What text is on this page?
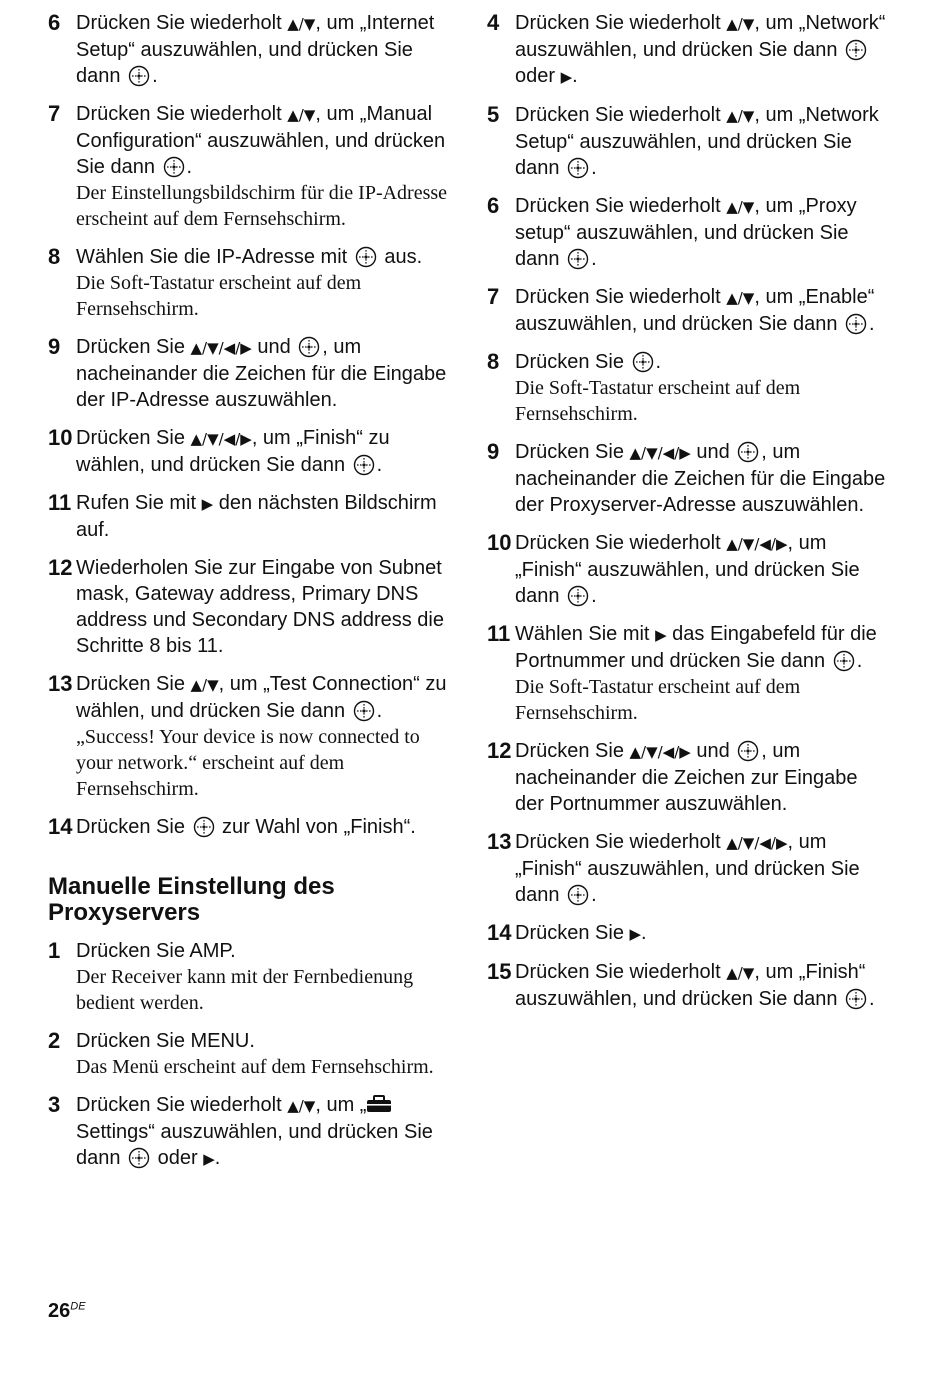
6 Drücken Sie wiederholt ▲/▼, um „Internet Setup“ auszuwählen, und drücken Sie dann
.

7 Drücken Sie wiederholt ▲/▼, um „Manual Configuration“ auszuwählen, und drücken Sie dann
.

Der Einstellungsbildschirm für die IP-Adresse erscheint auf dem Fernsehschirm.

8 Wählen Sie die IP-Adresse mit
aus.

Die Soft-Tastatur erscheint auf dem Fernsehschirm.

9 Drücken Sie ▲/▼/◀/▶ und
, um nacheinander die Zeichen für die Eingabe der IP-Adresse auszuwählen.

10 Drücken Sie ▲/▼/◀/▶, um „Finish“ zu wählen, und drücken Sie dann
.

11 Rufen Sie mit ▶ den nächsten Bildschirm auf.

12 Wiederholen Sie zur Eingabe von Subnet mask, Gateway address, Primary DNS address und Secondary DNS address die Schritte 8 bis 11.

13 Drücken Sie ▲/▼, um „Test Connection“ zu wählen, und drücken Sie dann
.

„Success! Your device is now connected to your network.“ erscheint auf dem Fernsehschirm.

14 Drücken Sie
zur Wahl von „Finish“.

Manuelle Einstellung des Proxyservers
1 Drücken Sie AMP.

Der Receiver kann mit der Fernbedienung bedient werden.

2 Drücken Sie MENU.

Das Menü erscheint auf dem Fernsehschirm.

3 Drücken Sie wiederholt ▲/▼, um „
Settings“ auszuwählen, und drücken Sie dann
oder ▶.

4 Drücken Sie wiederholt ▲/▼, um „Network“ auszuwählen, und drücken Sie dann
oder ▶.

5 Drücken Sie wiederholt ▲/▼, um „Network Setup“ auszuwählen, und drücken Sie dann
.

6 Drücken Sie wiederholt ▲/▼, um „Proxy setup“ auszuwählen, und drücken Sie dann
.

7 Drücken Sie wiederholt ▲/▼, um „Enable“ auszuwählen, und drücken Sie dann
.

8 Drücken Sie
.

Die Soft-Tastatur erscheint auf dem Fernsehschirm.

9 Drücken Sie ▲/▼/◀/▶ und
, um nacheinander die Zeichen für die Eingabe der Proxyserver-Adresse auszuwählen.

10 Drücken Sie wiederholt ▲/▼/◀/▶, um „Finish“ auszuwählen, und drücken Sie dann
.

11 Wählen Sie mit ▶ das Eingabefeld für die Portnummer und drücken Sie dann
.

Die Soft-Tastatur erscheint auf dem Fernsehschirm.

12 Drücken Sie ▲/▼/◀/▶ und
, um nacheinander die Zeichen zur Eingabe der Portnummer auszuwählen.

13 Drücken Sie wiederholt ▲/▼/◀/▶, um „Finish“ auszuwählen, und drücken Sie dann
.

14 Drücken Sie ▶.

15 Drücken Sie wiederholt ▲/▼, um „Finish“ auszuwählen, und drücken Sie dann
.

26DE
